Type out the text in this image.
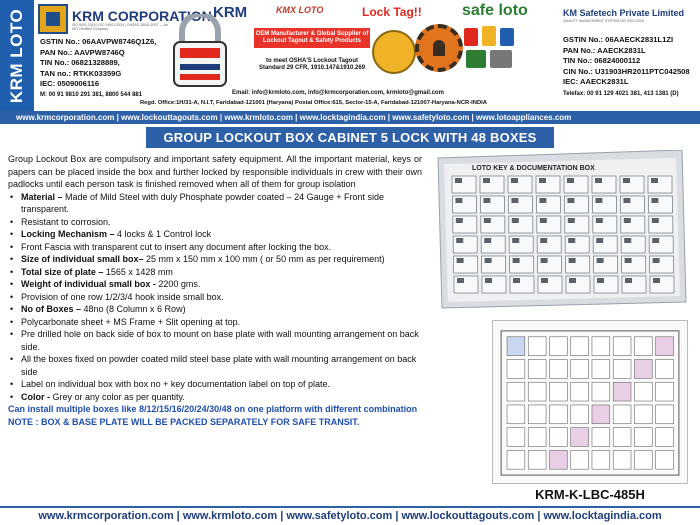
KRM LOTO	KRM CORPORATION
ISO 9001:2015 | ISO 14001:2015 | OHSAS 18001:2007 — An ISO Certified Company
GSTIN No.: 06AAVPW8746Q1Z6,
PAN No.: AAVPW8746Q
TIN No.: 06821328889,
TAN no.: RTKK03359G
IEC: 0509006116
M: 00 91 9810 291 381, 8800 544 881
KRM	KMX LOTO	Lock Tag!!	safe loto
OEM Manufacturer & Global Supplier of Lockout Tagout & Safety Products
to meet OSHA'S Lockout Tagout Standard 29 CFR, 1910.147&1910.269
Email: info@krmloto.com, info@krmcorporation.com, krmloto@gmail.com
Regd. Office:1H/31-A, N.I.T, Faridabad-121001 (Haryana) Postal Office:615, Sector-15-A, Faridabad-121007-Haryana-NCR-INDIA
KM Safetech Private Limited
QUALITY MANAGEMENT SYSTEM ISO 9001:2015
GSTIN No.: 06AAECK2831L1ZI
PAN No.: AAECK2831L
TIN No.: 06824000112
CIN No.: U31903HR2011PTC042508
IEC: AAECK2831L
Telefax: 00 91 129 4021 381, 413 1381 (D)
www.krmcorporation.com | www.lockouttagouts.com | www.krmloto.com | www.locktagindia.com | www.safetyloto.com | www.lotoappliances.com
GROUP LOCKOUT BOX CABINET 5 LOCK WITH 48 BOXES

Group Lockout Box are compulsory and important safety equipment. All the important material, keys or papers can be placed inside the box and further locked by responsible individuals in crew with their own padlocks until each person task is finished removed when all of them for group isolation

• Material – Made of Mild Steel with duly Phosphate powder coated – 24 Gauge + Front side transparent.
• Resistant to corrosion.
• Locking Mechanism – 4 locks & 1 Control lock
• Front Fascia with transparent cut to insert any document after locking the box.
• Size of individual small box– 25 mm x 150 mm x 100 mm ( or 50 mm as per requirement)
• Total size of plate – 1565 x 1428 mm
• Weight of individual small box - 2200 gms.
• Provision of one row 1/2/3/4 hook inside small box.
• No of Boxes – 48no (8 Column x 6 Row)
• Polycarbonate sheet + MS Frame + Slit opening at top.
• Pre drilled hole on back side of box to mount on base plate with wall mounting arrangement on back side.
• All the boxes fixed on powder coated mild steel base plate with wall mounting arrangement on back side
• Label on individual box with box no + key documentation label on top of plate.
• Color - Grey or any color as per quantity.
Can install multiple boxes like 8/12/15/16/20/24/30/48 on one platform with different combination
NOTE : BOX & BASE PLATE WILL BE PACKED SEPARATELY FOR SAFE TRANSIT.
LOTO KEY & DOCUMENTATION BOX
KRM-K-LBC-485H
www.krmcorporation.com | www.krmloto.com | www.safetyloto.com | www.lockouttagouts.com | www.locktagindia.com
